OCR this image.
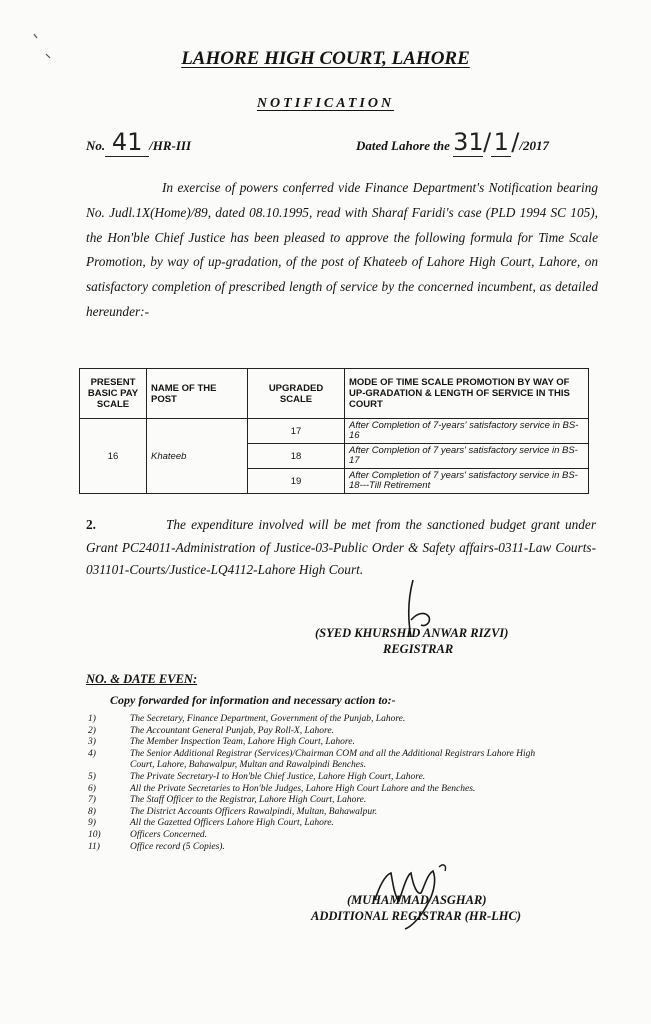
LAHORE HIGH COURT, LAHORE
NOTIFICATION
No. 41 /HR-III	Dated Lahore the 31/1//2017

In exercise of powers conferred vide Finance Department's Notification bearing No. Judl.1X(Home)/89, dated 08.10.1995, read with Sharaf Faridi's case (PLD 1994 SC 105), the Hon'ble Chief Justice has been pleased to approve the following formula for Time Scale Promotion, by way of up-gradation, of the post of Khateeb of Lahore High Court, Lahore, on satisfactory completion of prescribed length of service by the concerned incumbent, as detailed hereunder:-

PRESENT BASIC PAY SCALE	NAME OF THE POST	UPGRADED SCALE	MODE OF TIME SCALE PROMOTION BY WAY OF UP-GRADATION & LENGTH OF SERVICE IN THIS COURT
16	Khateeb	17	After Completion of 7-years' satisfactory service in BS-16
		18	After Completion of 7 years' satisfactory service in BS-17
		19	After Completion of 7 years' satisfactory service in BS-18---Till Retirement
2.	The expenditure involved will be met from the sanctioned budget grant under Grant PC24011-Administration of Justice-03-Public Order & Safety affairs-0311-Law Courts-031101-Courts/Justice-LQ4112-Lahore High Court.
(SYED KHURSHID ANWAR RIZVI)
REGISTRAR
NO. & DATE EVEN:
Copy forwarded for information and necessary action to:-
1)	The Secretary, Finance Department, Government of the Punjab, Lahore.
2)	The Accountant General Punjab, Pay Roll-X, Lahore.
3)	The Member Inspection Team, Lahore High Court, Lahore.
4)	The Senior Additional Registrar (Services)/Chairman COM and all the Additional Registrars Lahore High Court, Lahore, Bahawalpur, Multan and Rawalpindi Benches.
5)	The Private Secretary-I to Hon'ble Chief Justice, Lahore High Court, Lahore.
6)	All the Private Secretaries to Hon'ble Judges, Lahore High Court Lahore and the Benches.
7)	The Staff Officer to the Registrar, Lahore High Court, Lahore.
8)	The District Accounts Officers Rawalpindi, Multan, Bahawalpur.
9)	All the Gazetted Officers Lahore High Court, Lahore.
10)	Officers Concerned.
11)	Office record (5 Copies).
(MUHAMMAD ASGHAR)
ADDITIONAL REGISTRAR (HR-LHC)
